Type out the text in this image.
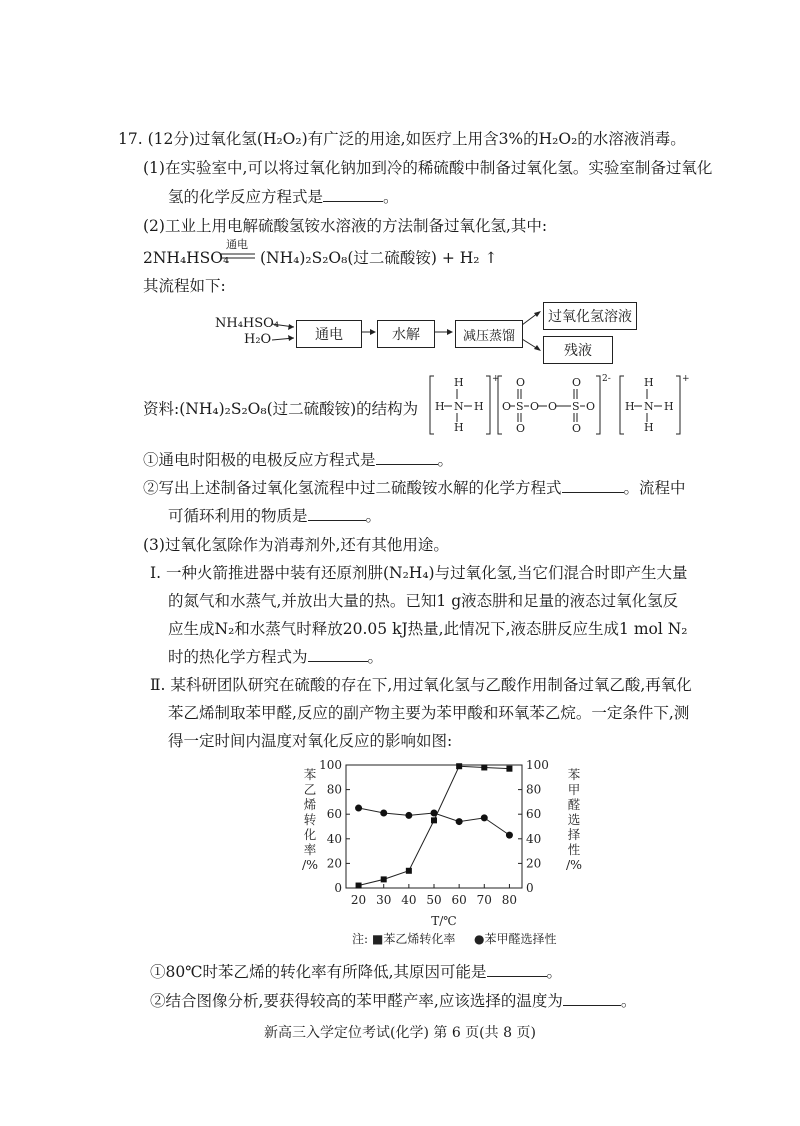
17. (12分)过氧化氢(H₂O₂)有广泛的用途,如医疗上用含3%的H₂O₂的水溶液消毒。
(1)在实验室中,可以将过氧化钠加到冷的稀硫酸中制备过氧化氢。实验室制备过氧化
氢的化学反应方程式是	。
(2)工业上用电解硫酸氢铵水溶液的方法制备过氧化氢,其中:
2NH₄HSO₄
通电
(NH₄)₂S₂O₈(过二硫酸铵) + H₂ ↑
其流程如下:
NH₄HSO₄
H₂O	通电	水解	减压蒸馏
过氧化氢溶液
残液
资料:(NH₄)₂S₂O₈(过二硫酸铵)的结构为
H
H N H
H
+ O
O S O O
O
O
S O
O
2-	H
H N H
H
+
①通电时阳极的电极反应方程式是	。
②写出上述制备过氧化氢流程中过二硫酸铵水解的化学方程式	。流程中
可循环利用的物质是	。
(3)过氧化氢除作为消毒剂外,还有其他用途。
Ⅰ. 一种火箭推进器中装有还原剂肼(N₂H₄)与过氧化氢,当它们混合时即产生大量
的氮气和水蒸气,并放出大量的热。已知1 g液态肼和足量的液态过氧化氢反
应生成N₂和水蒸气时释放20.05 kJ热量,此情况下,液态肼反应生成1 mol N₂
时的热化学方程式为	。
Ⅱ. 某科研团队研究在硫酸的存在下,用过氧化氢与乙酸作用制备过氧乙酸,再氧化
苯乙烯制取苯甲醛,反应的副产物主要为苯甲酸和环氧苯乙烷。一定条件下,测
得一定时间内温度对氧化反应的影响如图:
苯
乙
烯
转
化
率
/%
苯
甲
醛
选
择
性
/%
0	0
20	20
40	40
60	60
80	80
100	100
20 30 40 50 60 70 80
T/℃
注: ■苯乙烯转化率 ●苯甲醛选择性
①80℃时苯乙烯的转化率有所降低,其原因可能是	。
②结合图像分析,要获得较高的苯甲醛产率,应该选择的温度为	。
新高三入学定位考试(化学) 第 6 页(共 8 页)
